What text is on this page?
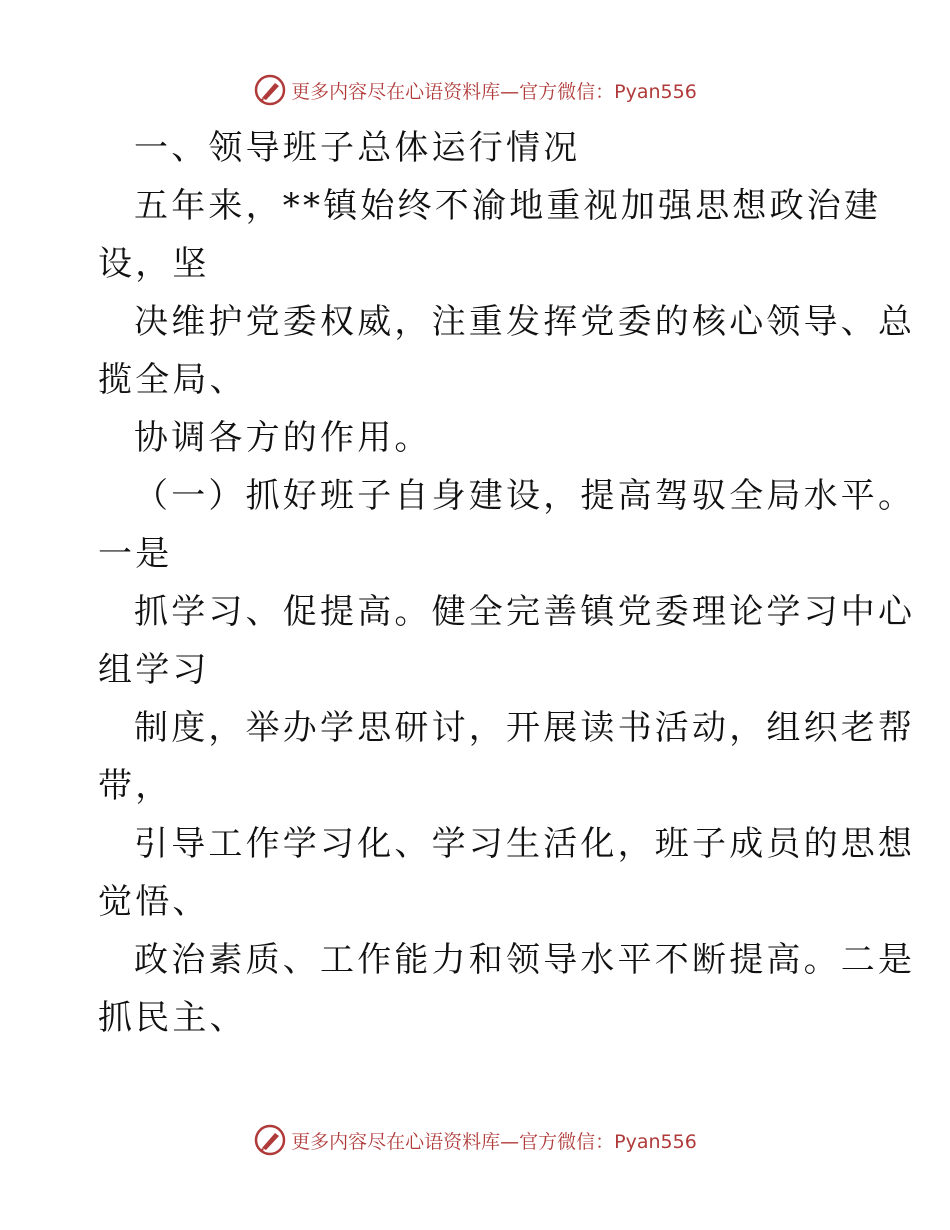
更多内容尽在心语资料库—官方微信：Pyan556
一、领导班子总体运行情况
五年来，**镇始终不渝地重视加强思想政治建
设，坚
决维护党委权威，注重发挥党委的核心领导、总
揽全局、
协调各方的作用。
（一）抓好班子自身建设，提高驾驭全局水平。
一是
抓学习、促提高。健全完善镇党委理论学习中心
组学习
制度，举办学思研讨，开展读书活动，组织老帮
带，
引导工作学习化、学习生活化，班子成员的思想
觉悟、
政治素质、工作能力和领导水平不断提高。二是
抓民主、
更多内容尽在心语资料库—官方微信：Pyan556
